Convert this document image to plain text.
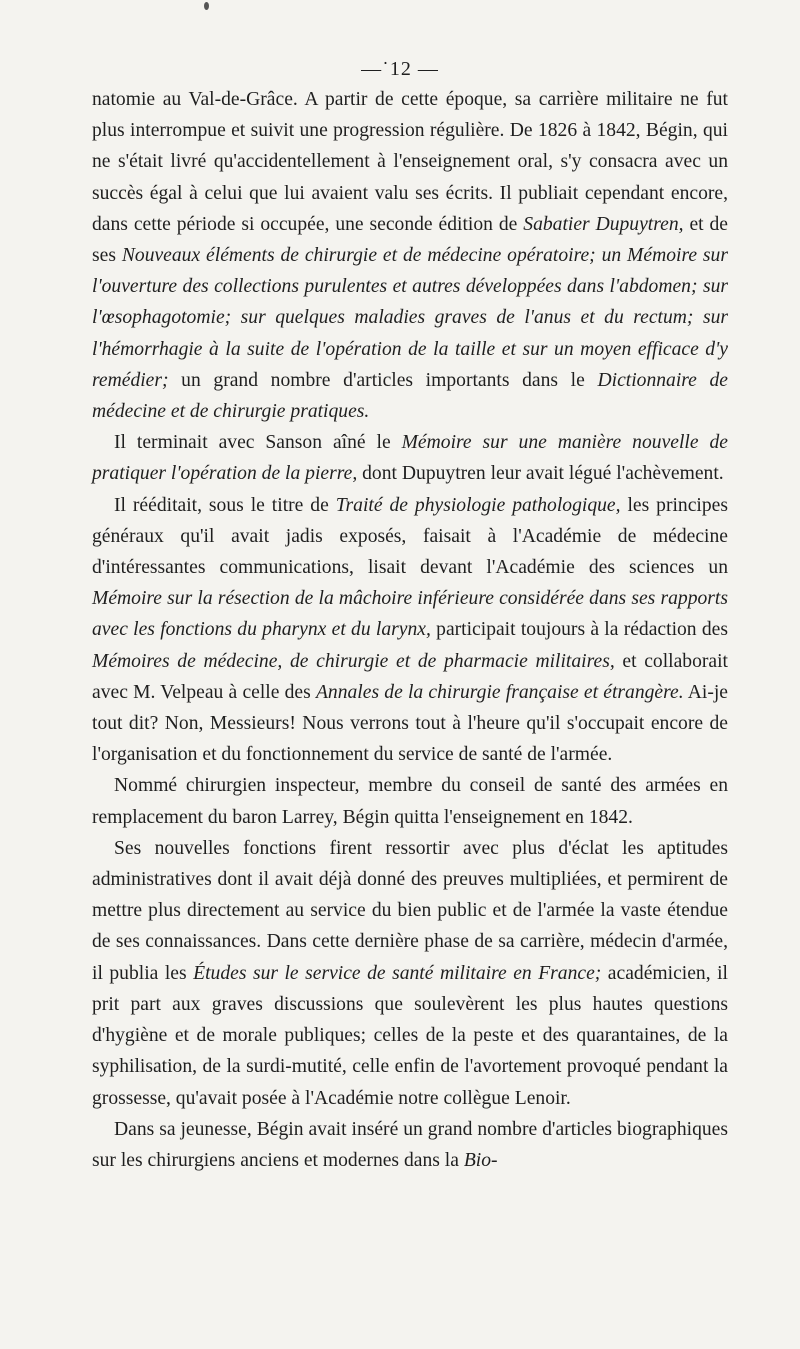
—˙12 —

natomie au Val-de-Grâce. A partir de cette époque, sa carrière militaire ne fut plus interrompue et suivit une progression régulière. De 1826 à 1842, Bégin, qui ne s'était livré qu'accidentellement à l'enseignement oral, s'y consacra avec un succès égal à celui que lui avaient valu ses écrits. Il publiait cependant encore, dans cette période si occupée, une seconde édition de Sabatier Dupuytren, et de ses Nouveaux éléments de chirurgie et de médecine opératoire; un Mémoire sur l'ouverture des collections purulentes et autres développées dans l'abdomen; sur l'œsophagotomie; sur quelques maladies graves de l'anus et du rectum; sur l'hémorrhagie à la suite de l'opération de la taille et sur un moyen efficace d'y remédier; un grand nombre d'articles importants dans le Dictionnaire de médecine et de chirurgie pratiques.

Il terminait avec Sanson aîné le Mémoire sur une manière nouvelle de pratiquer l'opération de la pierre, dont Dupuytren leur avait légué l'achèvement.

Il rééditait, sous le titre de Traité de physiologie pathologique, les principes généraux qu'il avait jadis exposés, faisait à l'Académie de médecine d'intéressantes communications, lisait devant l'Académie des sciences un Mémoire sur la résection de la mâchoire inférieure considérée dans ses rapports avec les fonctions du pharynx et du larynx, participait toujours à la rédaction des Mémoires de médecine, de chirurgie et de pharmacie militaires, et collaborait avec M. Velpeau à celle des Annales de la chirurgie française et étrangère. Ai-je tout dit? Non, Messieurs! Nous verrons tout à l'heure qu'il s'occupait encore de l'organisation et du fonctionnement du service de santé de l'armée.

Nommé chirurgien inspecteur, membre du conseil de santé des armées en remplacement du baron Larrey, Bégin quitta l'enseignement en 1842.

Ses nouvelles fonctions firent ressortir avec plus d'éclat les aptitudes administratives dont il avait déjà donné des preuves multipliées, et permirent de mettre plus directement au service du bien public et de l'armée la vaste étendue de ses connaissances. Dans cette dernière phase de sa carrière, médecin d'armée, il publia les Études sur le service de santé militaire en France; académicien, il prit part aux graves discussions que soulevèrent les plus hautes questions d'hygiène et de morale publiques; celles de la peste et des quarantaines, de la syphilisation, de la surdi-mutité, celle enfin de l'avortement provoqué pendant la grossesse, qu'avait posée à l'Académie notre collègue Lenoir.

Dans sa jeunesse, Bégin avait inséré un grand nombre d'articles biographiques sur les chirurgiens anciens et modernes dans la Bio-
